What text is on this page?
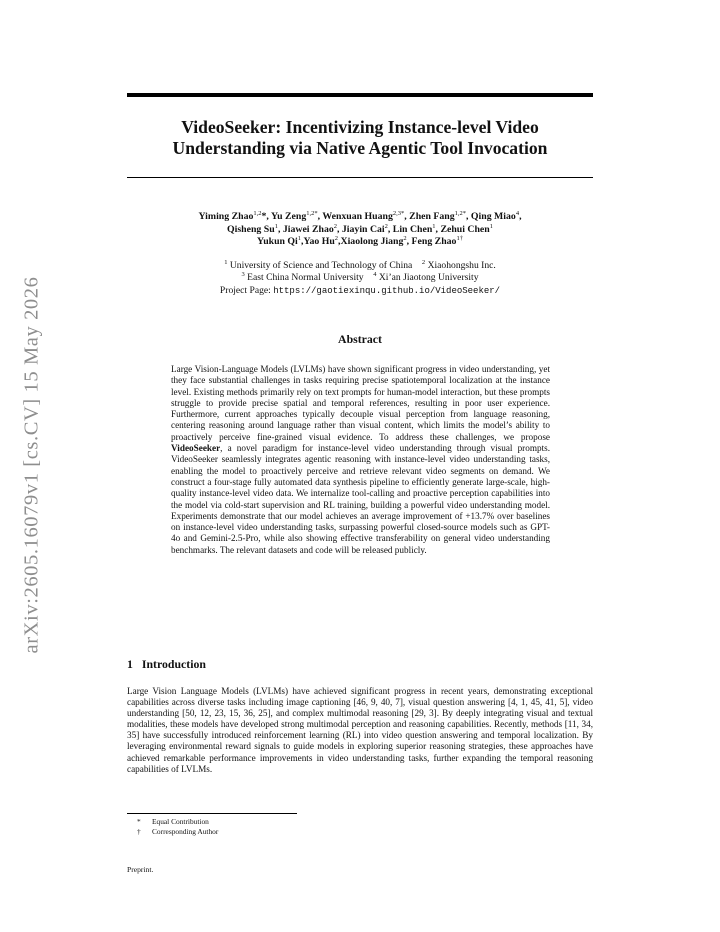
arXiv:2605.16079v1 [cs.CV] 15 May 2026
VideoSeeker: Incentivizing Instance-level Video
Understanding via Native Agentic Tool Invocation
Yiming Zhao$^{1,2}$*, Yu Zeng$^{1,2*}$, Wenxuan Huang$^{2,3*}$, Zhen Fang$^{1,2*}$, Qing Miao$^4$,
Qisheng Su$^1$, Jiawei Zhao$^2$, Jiayin Cai$^2$, Lin Chen$^1$, Zehui Chen$^1$
Yukun Qi$^1$,Yao Hu$^2$,Xiaolong Jiang$^2$, Feng Zhao$^{1\dagger}$
$^1$ University of Science and Technology of China $^2$ Xiaohongshu Inc.
$^3$ East China Normal University $^4$ Xi’an Jiaotong University
Project Page: https://gaotiexinqu.github.io/VideoSeeker/
Abstract
Large Vision-Language Models (LVLMs) have shown significant progress in video understanding, yet they face substantial challenges in tasks requiring precise spatiotemporal localization at the instance level. Existing methods primarily rely on text prompts for human-model interaction, but these prompts struggle to provide precise spatial and temporal references, resulting in poor user experience. Furthermore, current approaches typically decouple visual perception from language reasoning, centering reasoning around language rather than visual content, which limits the model’s ability to proactively perceive fine-grained visual evidence. To address these challenges, we propose VideoSeeker, a novel paradigm for instance-level video understanding through visual prompts. VideoSeeker seamlessly integrates agentic reasoning with instance-level video understanding tasks, enabling the model to proactively perceive and retrieve relevant video segments on demand. We construct a four-stage fully automated data synthesis pipeline to efficiently generate large-scale, high-quality instance-level video data. We internalize tool-calling and proactive perception capabilities into the model via cold-start supervision and RL training, building a powerful video understanding model. Experiments demonstrate that our model achieves an average improvement of +13.7% over baselines on instance-level video understanding tasks, surpassing powerful closed-source models such as GPT-4o and Gemini-2.5-Pro, while also showing effective transferability on general video understanding benchmarks. The relevant datasets and code will be released publicly.
1 Introduction
Large Vision Language Models (LVLMs) have achieved significant progress in recent years, demonstrating exceptional capabilities across diverse tasks including image captioning [46, 9, 40, 7], visual question answering [4, 1, 45, 41, 5], video understanding [50, 12, 23, 15, 36, 25], and complex multimodal reasoning [29, 3]. By deeply integrating visual and textual modalities, these models have developed strong multimodal perception and reasoning capabilities. Recently, methods [11, 34, 35] have successfully introduced reinforcement learning (RL) into video question answering and temporal localization. By leveraging environmental reward signals to guide models in exploring superior reasoning strategies, these approaches have achieved remarkable performance improvements in video understanding tasks, further expanding the temporal reasoning capabilities of LVLMs.
* Equal Contribution
† Corresponding Author
Preprint.
